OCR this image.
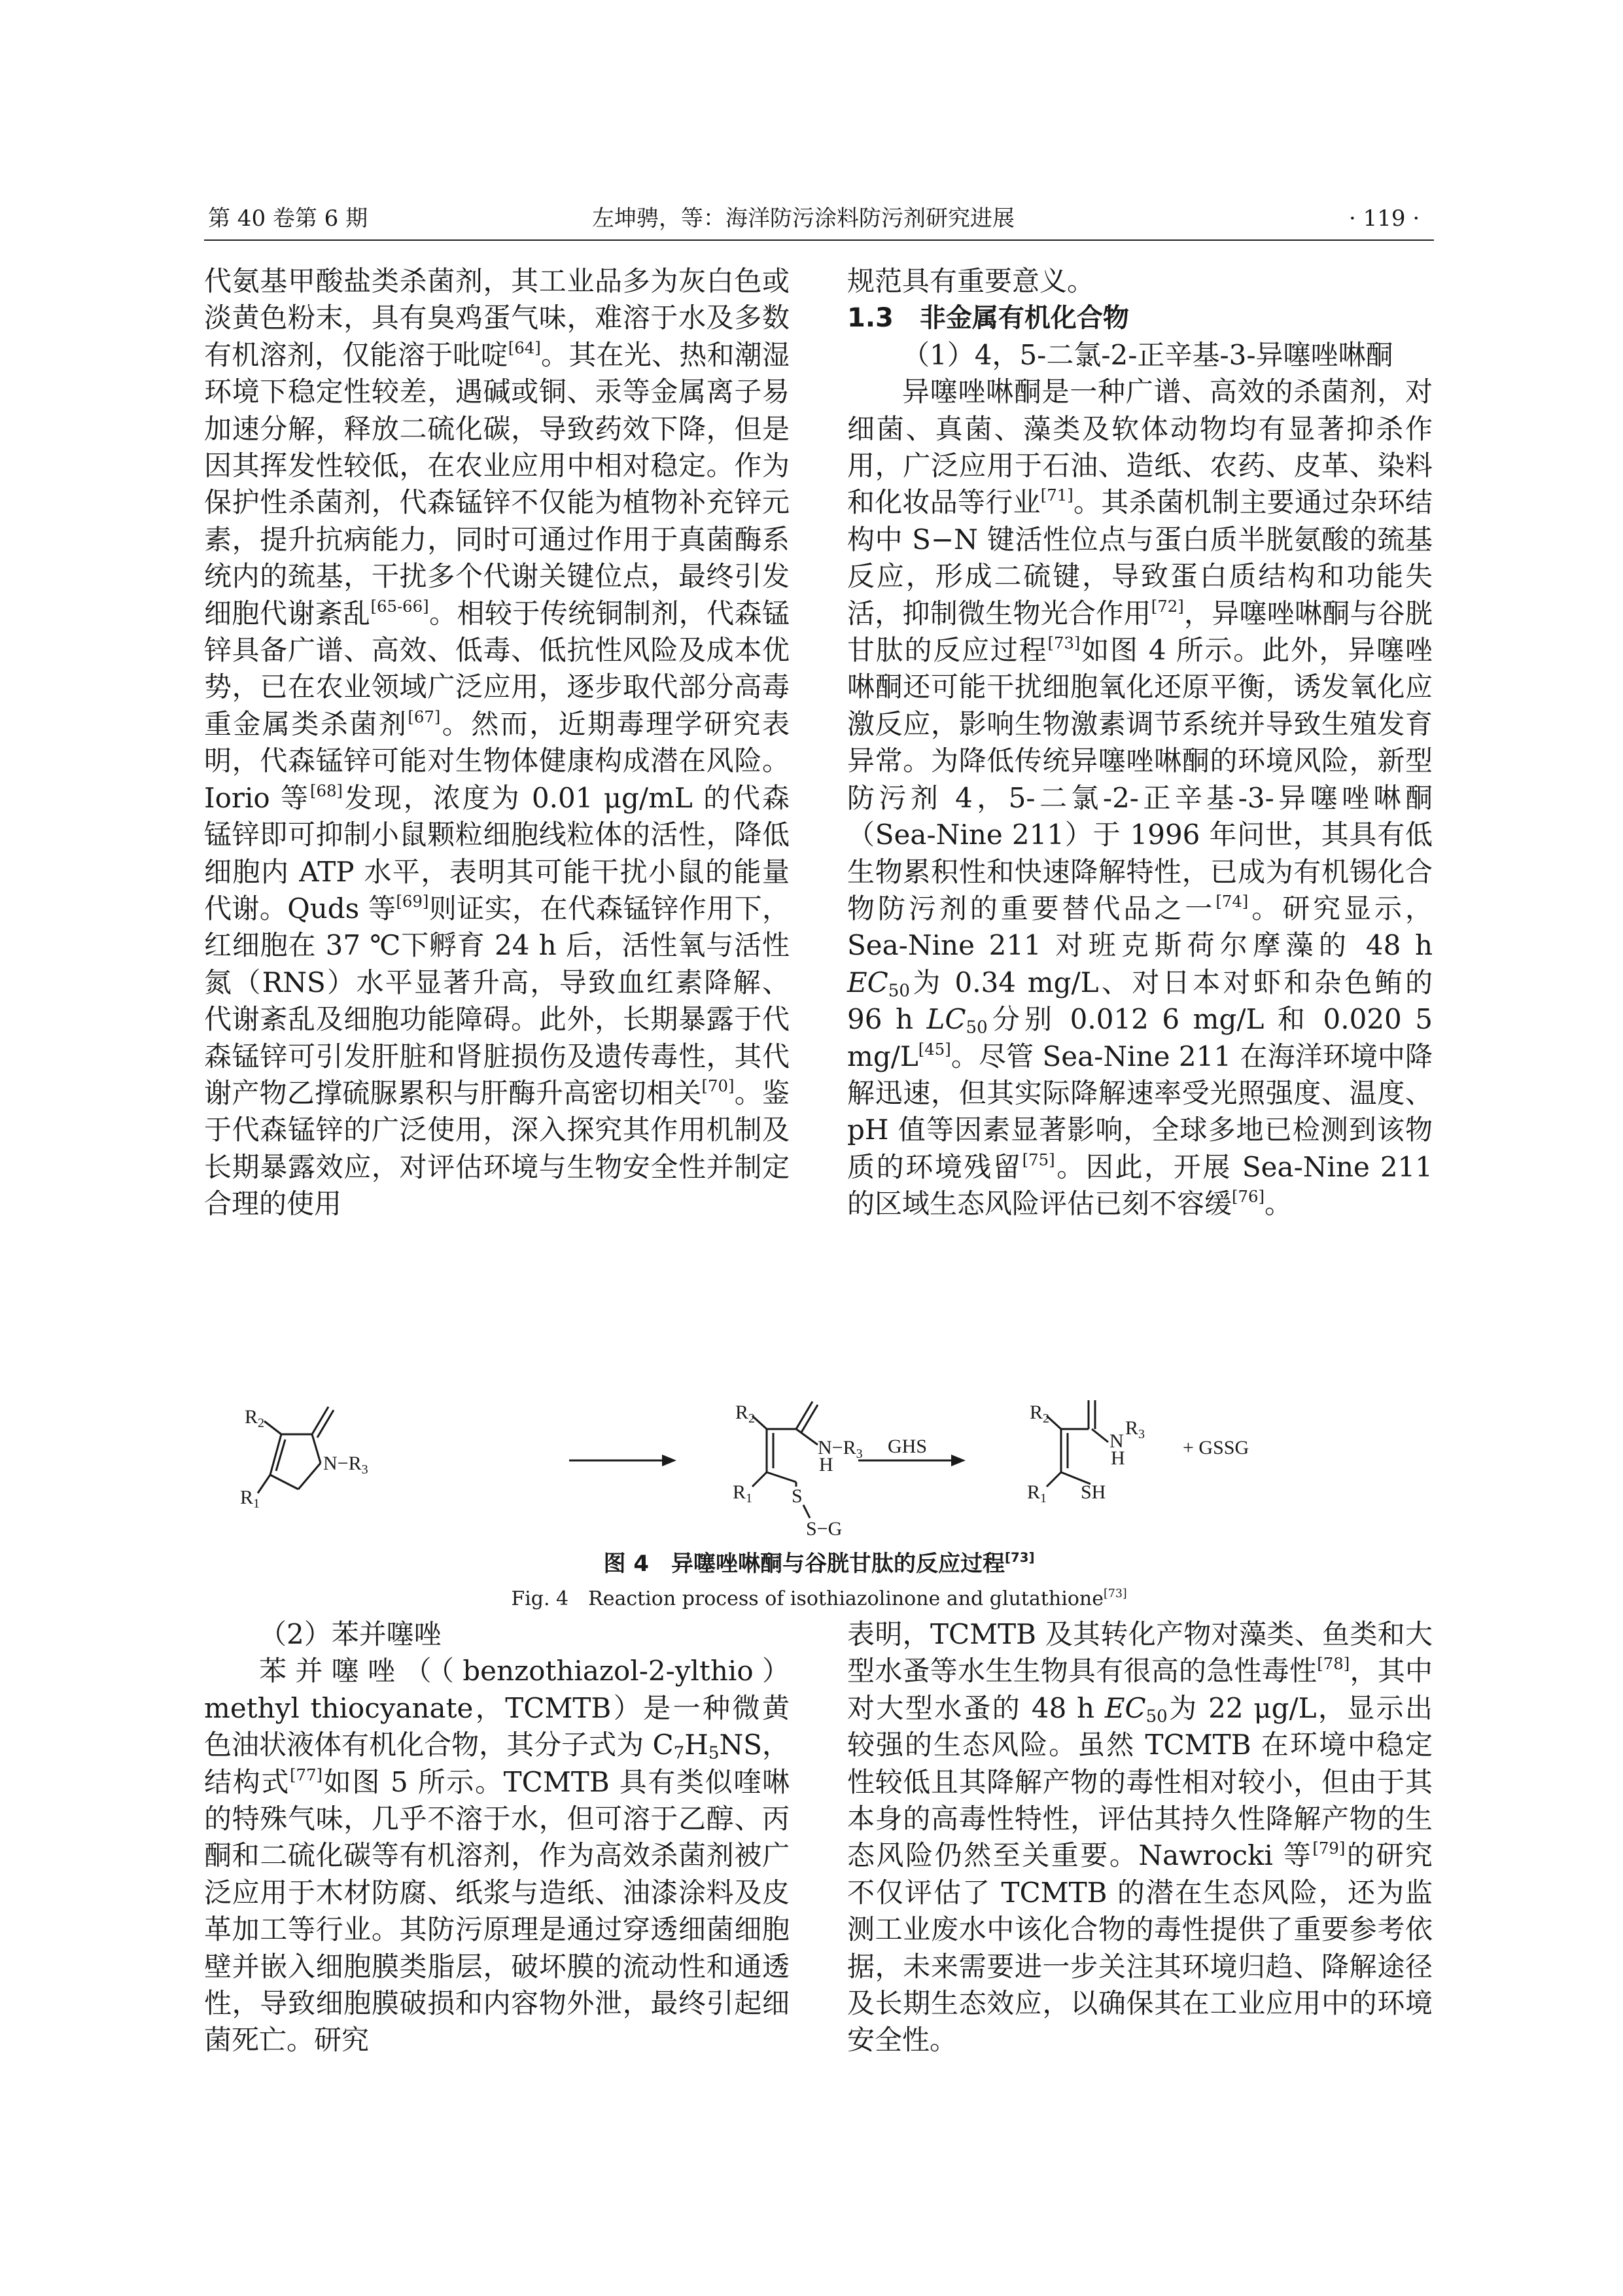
第 40 卷第 6 期	左坤骋，等：海洋防污涂料防污剂研究进展	· 119 ·

代氨基甲酸盐类杀菌剂，其工业品多为灰白色或淡黄色粉末，具有臭鸡蛋气味，难溶于水及多数有机溶剂，仅能溶于吡啶[64]。其在光、热和潮湿环境下稳定性较差，遇碱或铜、汞等金属离子易加速分解，释放二硫化碳，导致药效下降，但是因其挥发性较低，在农业应用中相对稳定。作为保护性杀菌剂，代森锰锌不仅能为植物补充锌元素，提升抗病能力，同时可通过作用于真菌酶系统内的巯基，干扰多个代谢关键位点，最终引发细胞代谢紊乱[65-66]。相较于传统铜制剂，代森锰锌具备广谱、高效、低毒、低抗性风险及成本优势，已在农业领域广泛应用，逐步取代部分高毒重金属类杀菌剂[67]。然而，近期毒理学研究表明，代森锰锌可能对生物体健康构成潜在风险。Iorio 等[68]发现，浓度为 0.01 μg/mL 的代森锰锌即可抑制小鼠颗粒细胞线粒体的活性，降低细胞内 ATP 水平，表明其可能干扰小鼠的能量代谢。Quds 等[69]则证实，在代森锰锌作用下，红细胞在 37 ℃下孵育 24 h 后，活性氧与活性氮（RNS）水平显著升高，导致血红素降解、代谢紊乱及细胞功能障碍。此外，长期暴露于代森锰锌可引发肝脏和肾脏损伤及遗传毒性，其代谢产物乙撑硫脲累积与肝酶升高密切相关[70]。鉴于代森锰锌的广泛使用，深入探究其作用机制及长期暴露效应，对评估环境与生物安全性并制定合理的使用

规范具有重要意义。

1.3　非金属有机化合物

（1）4，5-二氯-2-正辛基-3-异噻唑啉酮

异噻唑啉酮是一种广谱、高效的杀菌剂，对细菌、真菌、藻类及软体动物均有显著抑杀作用，广泛应用于石油、造纸、农药、皮革、染料和化妆品等行业[71]。其杀菌机制主要通过杂环结构中 S−N 键活性位点与蛋白质半胱氨酸的巯基反应，形成二硫键，导致蛋白质结构和功能失活，抑制微生物光合作用[72]，异噻唑啉酮与谷胱甘肽的反应过程[73]如图 4 所示。此外，异噻唑啉酮还可能干扰细胞氧化还原平衡，诱发氧化应激反应，影响生物激素调节系统并导致生殖发育异常。为降低传统异噻唑啉酮的环境风险，新型防污剂 4，5-二氯-2-正辛基-3-异噻唑啉酮（Sea-Nine 211）于 1996 年问世，其具有低生物累积性和快速降解特性，已成为有机锡化合物防污剂的重要替代品之一[74]。研究显示，Sea-Nine 211 对班克斯荷尔摩藻的 48 h $EC_{50}$为 0.34 mg/L、对日本对虾和杂色鲔的 96 h $LC_{50}$分别 0.012 6 mg/L 和 0.020 5 mg/L[45]。尽管 Sea-Nine 211 在海洋环境中降解迅速，但其实际降解速率受光照强度、温度、pH 值等因素显著影响，全球多地已检测到该物质的环境残留[75]。因此，开展 Sea-Nine 211 的区域生态风险评估已刻不容缓[76]。

$R_2$
$R_1$
$N-R_3$
$R_2$
$R_1$
$N-R_3$
H
S
S−G
GHS
$R_2$
$R_1$
N
H
$R_3$
SH
+ GSSG
图 4　异噻唑啉酮与谷胱甘肽的反应过程[73]
Fig. 4　Reaction process of isothiazolinone and glutathione[73]

（2）苯并噻唑

苯并噻唑（（benzothiazol-2-ylthio）methyl thiocyanate，TCMTB）是一种微黄色油状液体有机化合物，其分子式为 $C_7H_5NS$，结构式[77]如图 5 所示。TCMTB 具有类似喹啉的特殊气味，几乎不溶于水，但可溶于乙醇、丙酮和二硫化碳等有机溶剂，作为高效杀菌剂被广泛应用于木材防腐、纸浆与造纸、油漆涂料及皮革加工等行业。其防污原理是通过穿透细菌细胞壁并嵌入细胞膜类脂层，破坏膜的流动性和通透性，导致细胞膜破损和内容物外泄，最终引起细菌死亡。研究

表明，TCMTB 及其转化产物对藻类、鱼类和大型水蚤等水生生物具有很高的急性毒性[78]，其中对大型水蚤的 48 h $EC_{50}$为 22 μg/L，显示出较强的生态风险。虽然 TCMTB 在环境中稳定性较低且其降解产物的毒性相对较小，但由于其本身的高毒性特性，评估其持久性降解产物的生态风险仍然至关重要。Nawrocki 等[79]的研究不仅评估了 TCMTB 的潜在生态风险，还为监测工业废水中该化合物的毒性提供了重要参考依据，未来需要进一步关注其环境归趋、降解途径及长期生态效应，以确保其在工业应用中的环境安全性。
